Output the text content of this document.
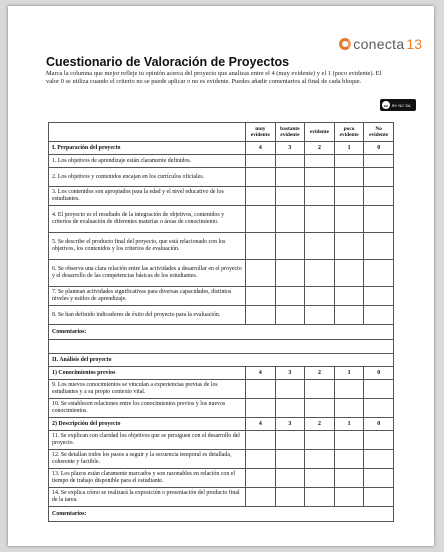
conecta 13
Cuestionario de Valoración de Proyectos

Marca la columna que mejor refleje tu opinión acerca del proyecto que analizas entre el 4 (muy evidente) y el 1 (poco evidente). El valor 0 se utiliza cuando el criterio no se puede aplicar o no es evidente. Puedes añadir comentarios al final de cada bloque.

cc BY NC SA
	muy evidente	bastante evidente	evidente	poco evidente	No evidente
I. Preparación del proyecto	4	3	2	1	0
1. Los objetivos de aprendizaje están claramente definidos.					
2. Los objetivos y contenidos encajan en los currículos oficiales.					
3. Los contenidos son apropiados para la edad y el nivel educativo de los estudiantes.					
4. El proyecto es el resultado de la integración de objetivos, contenidos y criterios de evaluación de diferentes materias o áreas de conocimiento.					
5. Se describe el producto final del proyecto, que está relacionado con los objetivos, los contenidos y los criterios de evaluación.					
6. Se observa una clara relación entre las actividades a desarrollar en el proyecto y el desarrollo de las competencias básicas de los estudiantes.					
7. Se plantean actividades significativas para diversas capacidades, distintos niveles y estilos de aprendizaje.					
8. Se han definido indicadores de éxito del proyecto para la evaluación.					
Comentarios:					

II. Análisis del proyecto					
1) Conocimientos previos	4	3	2	1	0
9. Los nuevos conocimientos se vinculan a experiencias previas de los estudiantes y a su propio contexto vital.					
10. Se establecen relaciones entre los conocimientos previos y los nuevos conocimientos.					
2) Descripción del proyecto	4	3	2	1	0
11. Se explican con claridad los objetivos que se persiguen con el desarrollo del proyecto.					
12. Se detallan todos los pasos a seguir y la secuencia temporal es detallada, coherente y factible.					
13. Los plazos están claramente marcados y son razonables en relación con el tiempo de trabajo disponible para el estudiante.					
14. Se explica cómo se realizará la exposición o presentación del producto final de la tarea.					
Comentarios:					
